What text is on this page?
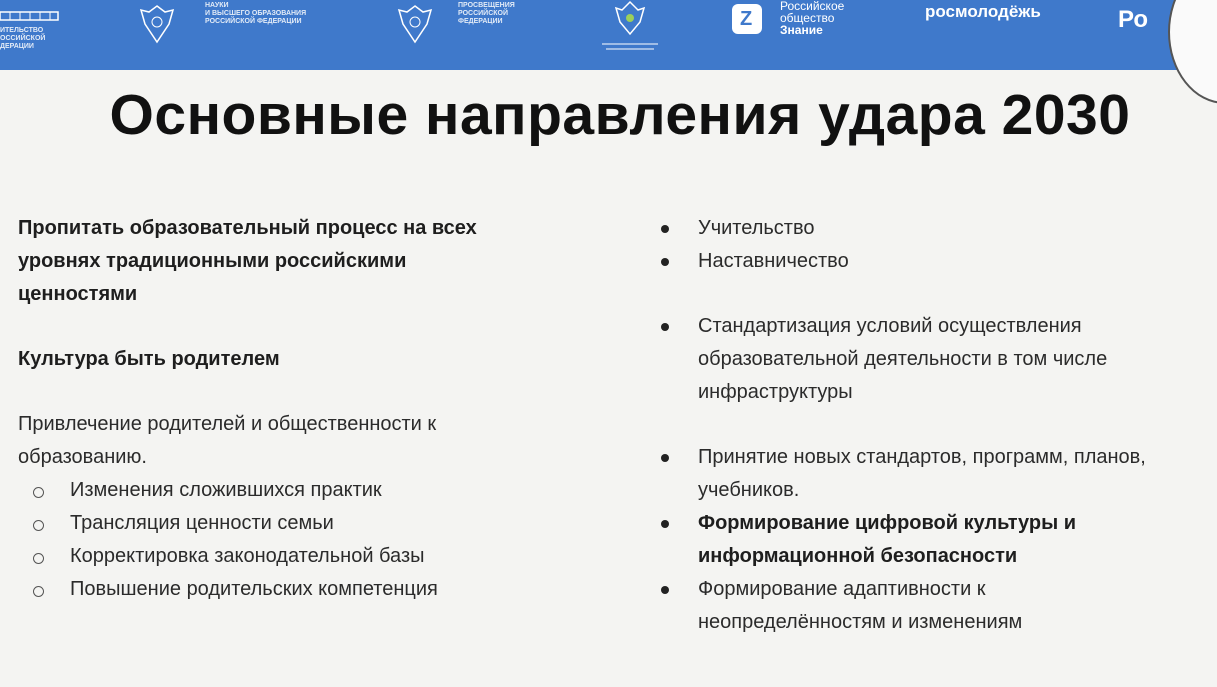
ИТЕЛЬСТВО
ОССИЙСКОЙ
ДЕРАЦИИ
НАУКИ
И ВЫСШЕГО ОБРАЗОВАНИЯ
РОССИЙСКОЙ ФЕДЕРАЦИИ
ПРОСВЕЩЕНИЯ
РОССИЙСКОЙ
ФЕДЕРАЦИИ	Z
Российское
общество
Знание
росмолодёжь	Ро
Основные направления удара 2030

Пропитать образовательный процесс на всех

уровнях традиционными российскими

ценностями

Культура быть родителем

Привлечение родителей и общественности к

образованию.

Изменения сложившихся практик
Трансляция ценности семьи
Корректировка законодательной базы
Повышение родительских компетенция
Учительство
Наставничество
Стандартизация условий осуществления
образовательной деятельности в том числе
инфраструктуры
Принятие новых стандартов, программ, планов,
учебников.
Формирование цифровой культуры и
информационной безопасности
Формирование адаптивности к
неопределённостям и изменениям
